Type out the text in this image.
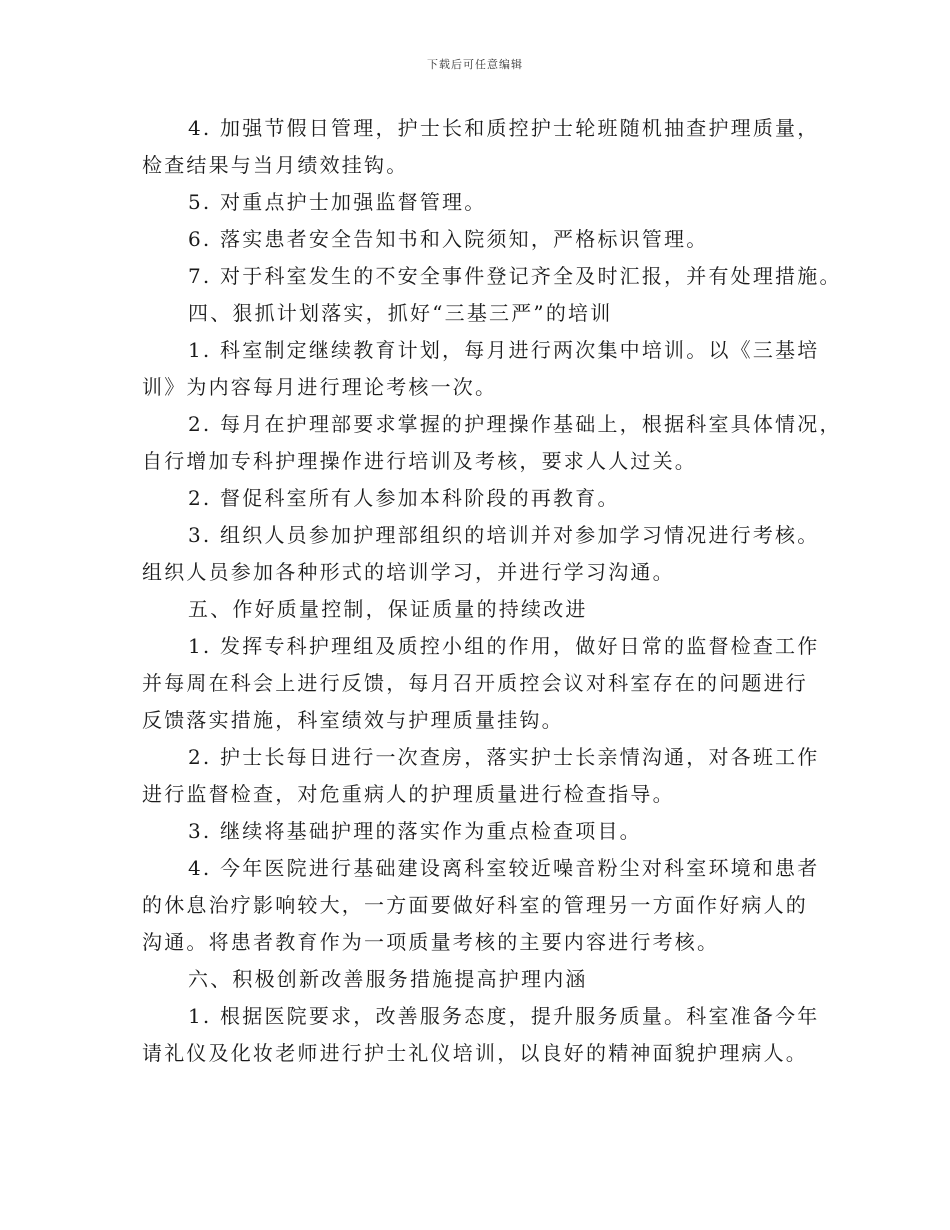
下载后可任意编辑
4. 加强节假日管理，护士长和质控护士轮班随机抽查护理质量，
检查结果与当月绩效挂钩。
5. 对重点护士加强监督管理。
6. 落实患者安全告知书和入院须知，严格标识管理。
7. 对于科室发生的不安全事件登记齐全及时汇报，并有处理措施。
四、狠抓计划落实，抓好“三基三严”的培训
1. 科室制定继续教育计划，每月进行两次集中培训。以《三基培
训》为内容每月进行理论考核一次。
2. 每月在护理部要求掌握的护理操作基础上，根据科室具体情况，
自行增加专科护理操作进行培训及考核，要求人人过关。
2. 督促科室所有人参加本科阶段的再教育。
3. 组织人员参加护理部组织的培训并对参加学习情况进行考核。
组织人员参加各种形式的培训学习，并进行学习沟通。
五、作好质量控制，保证质量的持续改进
1. 发挥专科护理组及质控小组的作用，做好日常的监督检查工作
并每周在科会上进行反馈，每月召开质控会议对科室存在的问题进行
反馈落实措施，科室绩效与护理质量挂钩。
2. 护士长每日进行一次查房，落实护士长亲情沟通，对各班工作
进行监督检查，对危重病人的护理质量进行检查指导。
3. 继续将基础护理的落实作为重点检查项目。
4. 今年医院进行基础建设离科室较近噪音粉尘对科室环境和患者
的休息治疗影响较大，一方面要做好科室的管理另一方面作好病人的
沟通。将患者教育作为一项质量考核的主要内容进行考核。
六、积极创新改善服务措施提高护理内涵
1. 根据医院要求，改善服务态度，提升服务质量。科室准备今年
请礼仪及化妆老师进行护士礼仪培训，以良好的精神面貌护理病人。
